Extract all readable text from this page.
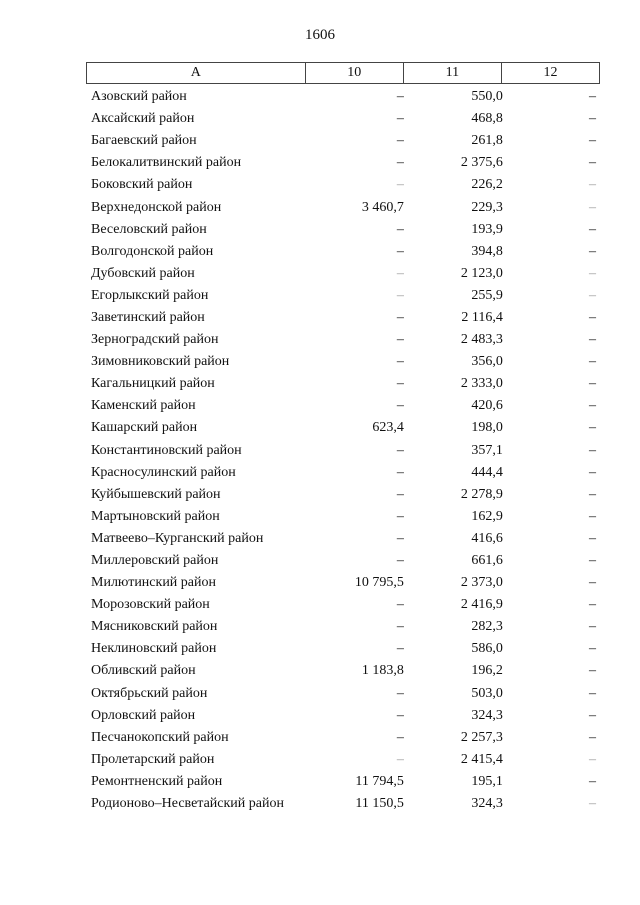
1606
А	10	11	12
Азовский район	–	550,0	–
Аксайский район	–	468,8	–
Багаевский район	–	261,8	–
Белокалитвинский район	–	2 375,6	–
Боковский район	–	226,2	–
Верхнедонской район	3 460,7	229,3	–
Веселовский район	–	193,9	–
Волгодонской район	–	394,8	–
Дубовский район	–	2 123,0	–
Егорлыкский район	–	255,9	–
Заветинский район	–	2 116,4	–
Зерноградский район	–	2 483,3	–
Зимовниковский район	–	356,0	–
Кагальницкий район	–	2 333,0	–
Каменский район	–	420,6	–
Кашарский район	623,4	198,0	–
Константиновский район	–	357,1	–
Красносулинский район	–	444,4	–
Куйбышевский район	–	2 278,9	–
Мартыновский район	–	162,9	–
Матвеево–Курганский район	–	416,6	–
Миллеровский район	–	661,6	–
Милютинский район	10 795,5	2 373,0	–
Морозовский район	–	2 416,9	–
Мясниковский район	–	282,3	–
Неклиновский район	–	586,0	–
Обливский район	1 183,8	196,2	–
Октябрьский район	–	503,0	–
Орловский район	–	324,3	–
Песчанокопский район	–	2 257,3	–
Пролетарский район	–	2 415,4	–
Ремонтненский район	11 794,5	195,1	–
Родионово–Несветайский район	11 150,5	324,3	–
